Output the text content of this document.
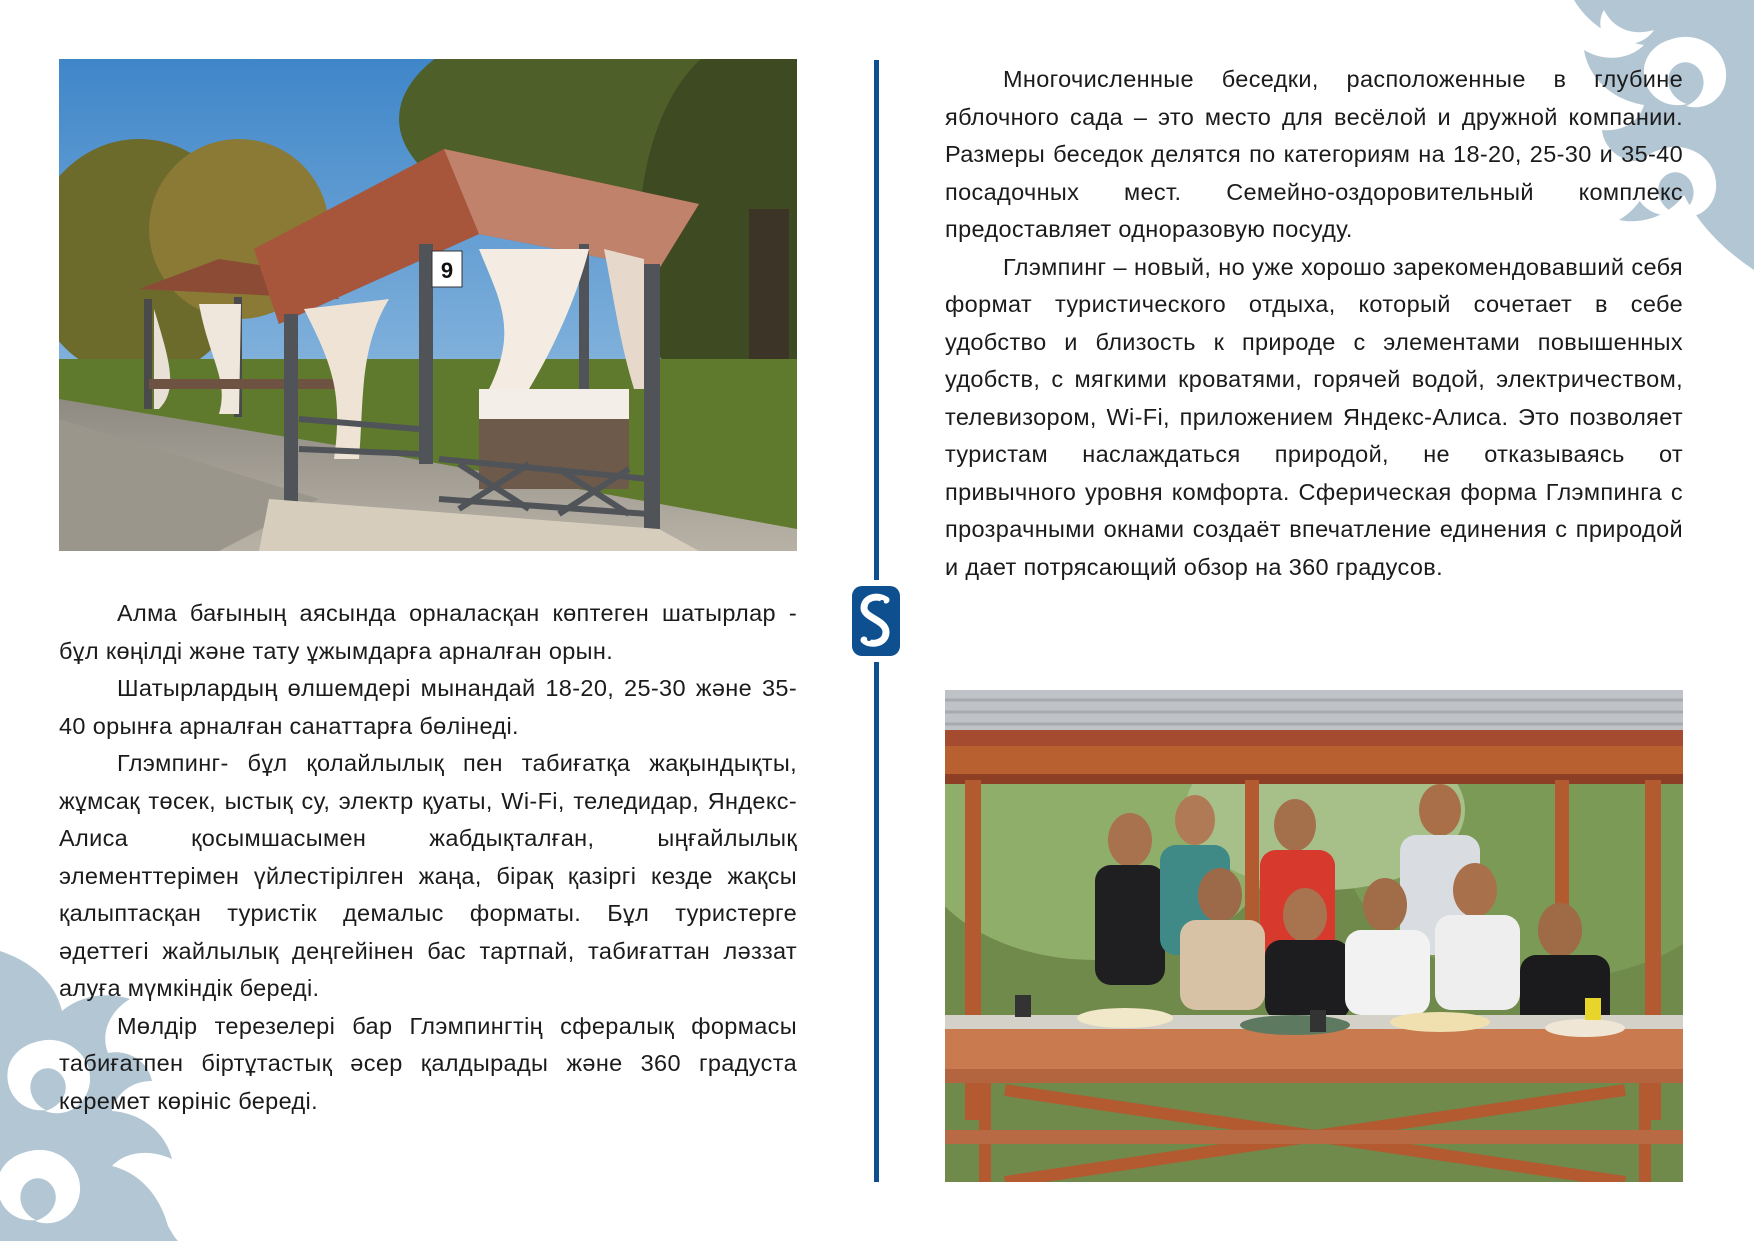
9

Алма бағының аясында орналасқан көптеген шатырлар - бұл көңілді және тату ұжымдарға арналған орын.

Шатырлардың өлшемдері мынандай 18-20, 25-30 және 35-40 орынға арналған санаттарға бөлінеді.

Глэмпинг- бұл қолайлылық пен табиғатқа жақындықты, жұмсақ төсек, ыстық су, электр қуаты, Wi-Fi, теледидар, Яндекс-Алиса қосымшасымен жабдықталған, ыңғайлылық элементтерімен үйлестірілген жаңа, бірақ қазіргі кезде жақсы қалыптасқан туристік демалыс форматы. Бұл туристерге әдеттегі жайлылық деңгейінен бас тартпай, табиғаттан ләззат алуға мүмкіндік береді.

Мөлдір терезелері бар Глэмпингтің сфералық формасы табиғатпен біртұтастық әсер қалдырады және 360 градуста керемет көрініс береді.

Многочисленные беседки, расположенные в глубине яблочного сада – это место для весёлой и дружной компании. Размеры беседок делятся по категориям на 18-20, 25-30 и 35-40 посадочных мест. Семейно-оздоровительный комплекс предоставляет одноразовую посуду.

Глэмпинг – новый, но уже хорошо зарекомендовавший себя формат туристического отдыха, который сочетает в себе удобство и близость к природе с элементами повышенных удобств, с мягкими кроватями, горячей водой, электричеством, телевизором, Wi-Fi, приложением Яндекс-Алиса. Это позволяет туристам наслаждаться природой, не отказываясь от привычного уровня комфорта. Сферическая форма Глэмпинга с прозрачными окнами создаёт впечатление единения с природой и дает потрясающий обзор на 360 градусов.
